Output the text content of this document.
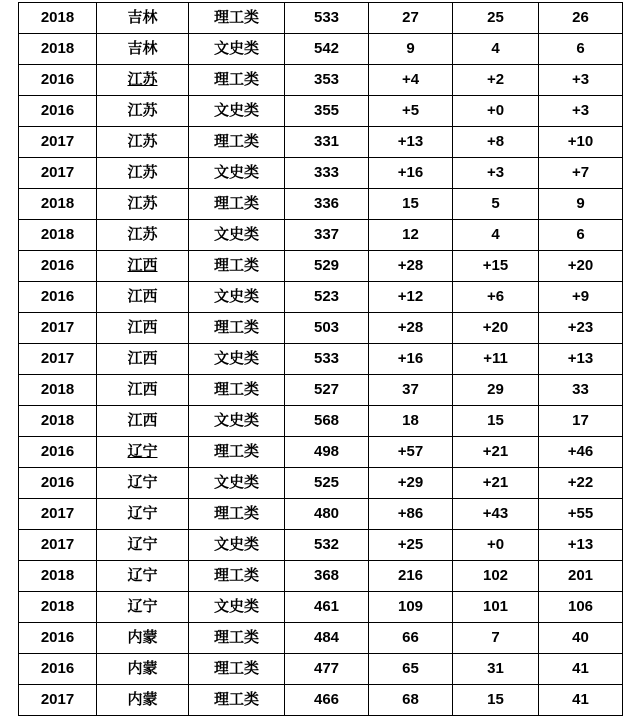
2018	吉林	理工类	533	27	25	26
2018	吉林	文史类	542	9	4	6
2016	江苏	理工类	353	+4	+2	+3
2016	江苏	文史类	355	+5	+0	+3
2017	江苏	理工类	331	+13	+8	+10
2017	江苏	文史类	333	+16	+3	+7
2018	江苏	理工类	336	15	5	9
2018	江苏	文史类	337	12	4	6
2016	江西	理工类	529	+28	+15	+20
2016	江西	文史类	523	+12	+6	+9
2017	江西	理工类	503	+28	+20	+23
2017	江西	文史类	533	+16	+11	+13
2018	江西	理工类	527	37	29	33
2018	江西	文史类	568	18	15	17
2016	辽宁	理工类	498	+57	+21	+46
2016	辽宁	文史类	525	+29	+21	+22
2017	辽宁	理工类	480	+86	+43	+55
2017	辽宁	文史类	532	+25	+0	+13
2018	辽宁	理工类	368	216	102	201
2018	辽宁	文史类	461	109	101	106
2016	内蒙	理工类	484	66	7	40
2016	内蒙	理工类	477	65	31	41
2017	内蒙	理工类	466	68	15	41
